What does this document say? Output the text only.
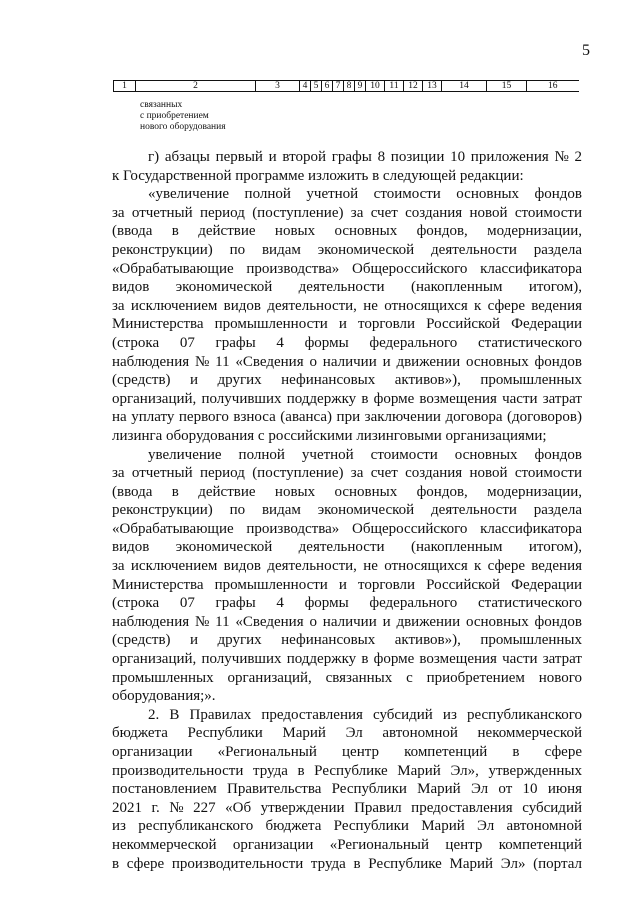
5
1	2	3	4	5	6	7	8	9	10	11	12	13	14	15	16
связанных
с приобретением
нового оборудования
г) абзацы первый и второй графы 8 позиции 10 приложения № 2
к Государственной программе изложить в следующей редакции:
«увеличение полной учетной стоимости основных фондов
за отчетный период (поступление) за счет создания новой стоимости
(ввода в действие новых основных фондов, модернизации,
реконструкции) по видам экономической деятельности раздела
«Обрабатывающие производства» Общероссийского классификатора
видов экономической деятельности (накопленным итогом),
за исключением видов деятельности, не относящихся к сфере ведения
Министерства промышленности и торговли Российской Федерации
(строка 07 графы 4 формы федерального статистического
наблюдения № 11 «Сведения о наличии и движении основных фондов
(средств) и других нефинансовых активов»), промышленных
организаций, получивших поддержку в форме возмещения части затрат
на уплату первого взноса (аванса) при заключении договора (договоров)
лизинга оборудования с российскими лизинговыми организациями;
увеличение полной учетной стоимости основных фондов
за отчетный период (поступление) за счет создания новой стоимости
(ввода в действие новых основных фондов, модернизации,
реконструкции) по видам экономической деятельности раздела
«Обрабатывающие производства» Общероссийского классификатора
видов экономической деятельности (накопленным итогом),
за исключением видов деятельности, не относящихся к сфере ведения
Министерства промышленности и торговли Российской Федерации
(строка 07 графы 4 формы федерального статистического
наблюдения № 11 «Сведения о наличии и движении основных фондов
(средств) и других нефинансовых активов»), промышленных
организаций, получивших поддержку в форме возмещения части затрат
промышленных организаций, связанных с приобретением нового
оборудования;».
2. В Правилах предоставления субсидий из республиканского
бюджета Республики Марий Эл автономной некоммерческой
организации «Региональный центр компетенций в сфере
производительности труда в Республике Марий Эл», утвержденных
постановлением Правительства Республики Марий Эл от 10 июня
2021 г. № 227 «Об утверждении Правил предоставления субсидий
из республиканского бюджета Республики Марий Эл автономной
некоммерческой организации «Региональный центр компетенций
в сфере производительности труда в Республике Марий Эл» (портал
